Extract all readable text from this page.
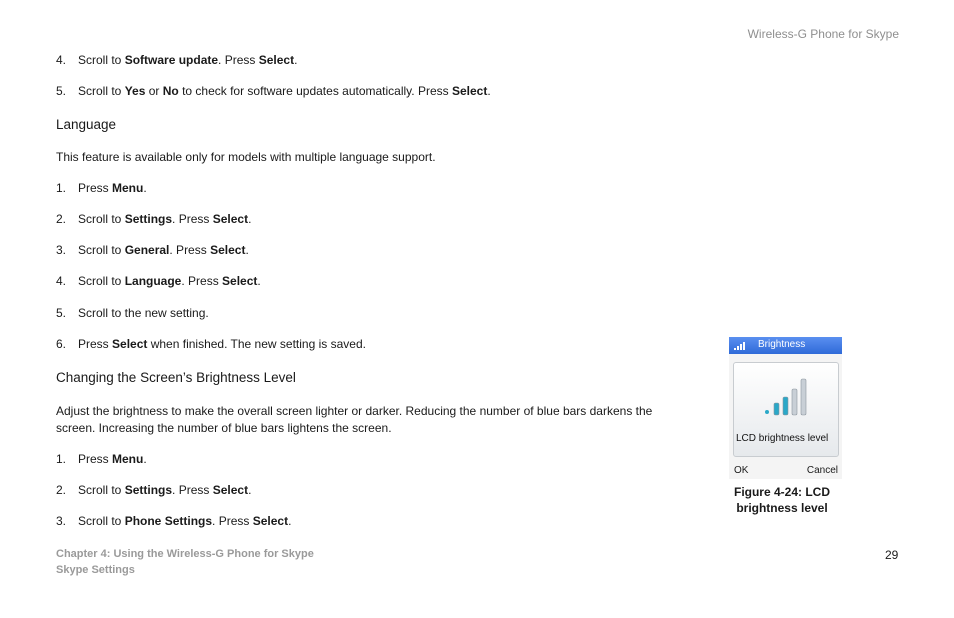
Wireless-G Phone for Skype
4. Scroll to Software update. Press Select.
5. Scroll to Yes or No to check for software updates automatically. Press Select.
Language
This feature is available only for models with multiple language support.
1. Press Menu.
2. Scroll to Settings. Press Select.
3. Scroll to General. Press Select.
4. Scroll to Language. Press Select.
5. Scroll to the new setting.
6. Press Select when finished. The new setting is saved.
Changing the Screen’s Brightness Level
Adjust the brightness to make the overall screen lighter or darker. Reducing the number of blue bars darkens the screen. Increasing the number of blue bars lightens the screen.
1. Press Menu.
2. Scroll to Settings. Press Select.
3. Scroll to Phone Settings. Press Select.
Brightness
LCD brightness level
OK	Cancel
Figure 4-24: LCD brightness level
Chapter 4: Using the Wireless-G Phone for Skype
Skype Settings
29
